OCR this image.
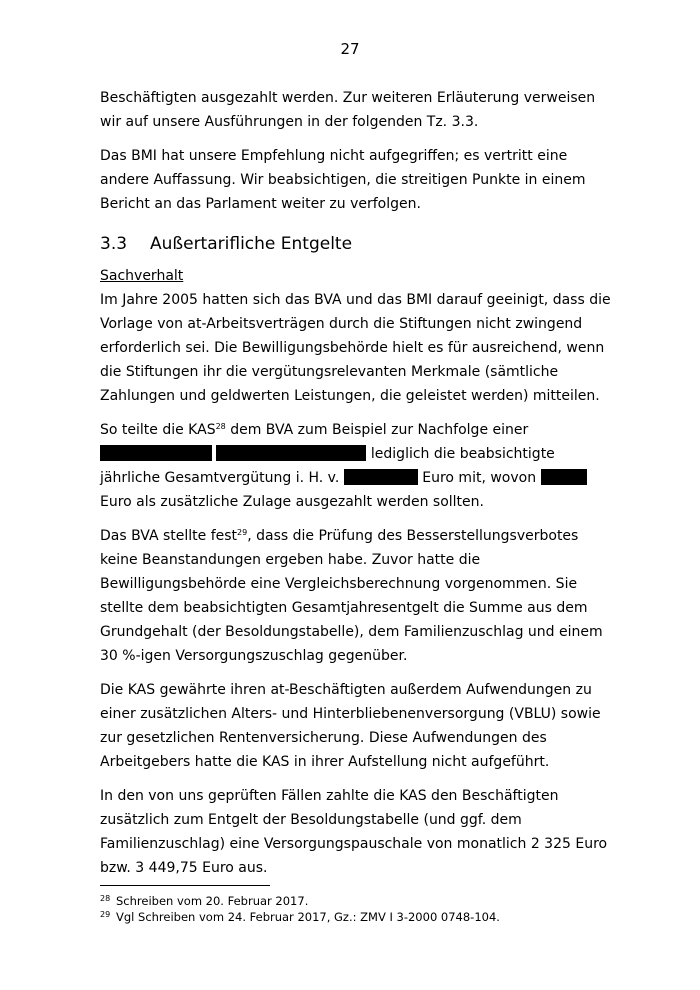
27

Beschäftigten ausgezahlt werden. Zur weiteren Erläuterung verweisen wir auf unsere Ausführungen in der folgenden Tz. 3.3.

Das BMI hat unsere Empfehlung nicht aufgegriffen; es vertritt eine andere Auffassung. Wir beabsichtigen, die streitigen Punkte in einem Bericht an das Parlament weiter zu verfolgen.

3.3 Außertarifliche Entgelte

Sachverhalt

Im Jahre 2005 hatten sich das BVA und das BMI darauf geeinigt, dass die Vorlage von at-Arbeitsverträgen durch die Stiftungen nicht zwingend erforderlich sei. Die Bewilligungsbehörde hielt es für ausreichend, wenn die Stiftungen ihr die vergütungsrelevanten Merkmale (sämtliche Zahlungen und geldwerten Leistungen, die geleistet werden) mitteilen.

So teilte die KAS$^{28}$ dem BVA zum Beispiel zur Nachfolge einer   lediglich die beabsichtigte jährliche Gesamtvergütung i. H. v.	Euro mit, wovon  Euro als zusätzliche Zulage ausgezahlt werden sollten.

Das BVA stellte fest$^{29}$, dass die Prüfung des Besserstellungsverbotes keine Beanstandungen ergeben habe. Zuvor hatte die Bewilligungsbehörde eine Vergleichsberechnung vorgenommen. Sie stellte dem beabsichtigten Gesamtjahresentgelt die Summe aus dem Grundgehalt (der Besoldungstabelle), dem Familienzuschlag und einem 30 %-igen Versorgungszuschlag gegenüber.

Die KAS gewährte ihren at-Beschäftigten außerdem Aufwendungen zu einer zusätzlichen Alters- und Hinterbliebenenversorgung (VBLU) sowie zur gesetzlichen Rentenversicherung. Diese Aufwendungen des Arbeitgebers hatte die KAS in ihrer Aufstellung nicht aufgeführt.

In den von uns geprüften Fällen zahlte die KAS den Beschäftigten zusätzlich zum Entgelt der Besoldungstabelle (und ggf. dem Familienzuschlag) eine Versorgungspauschale von monatlich 2 325 Euro bzw. 3 449,75 Euro aus.

28 Schreiben vom 20. Februar 2017.

29 Vgl Schreiben vom 24. Februar 2017, Gz.: ZMV I 3-2000 0748-104.
